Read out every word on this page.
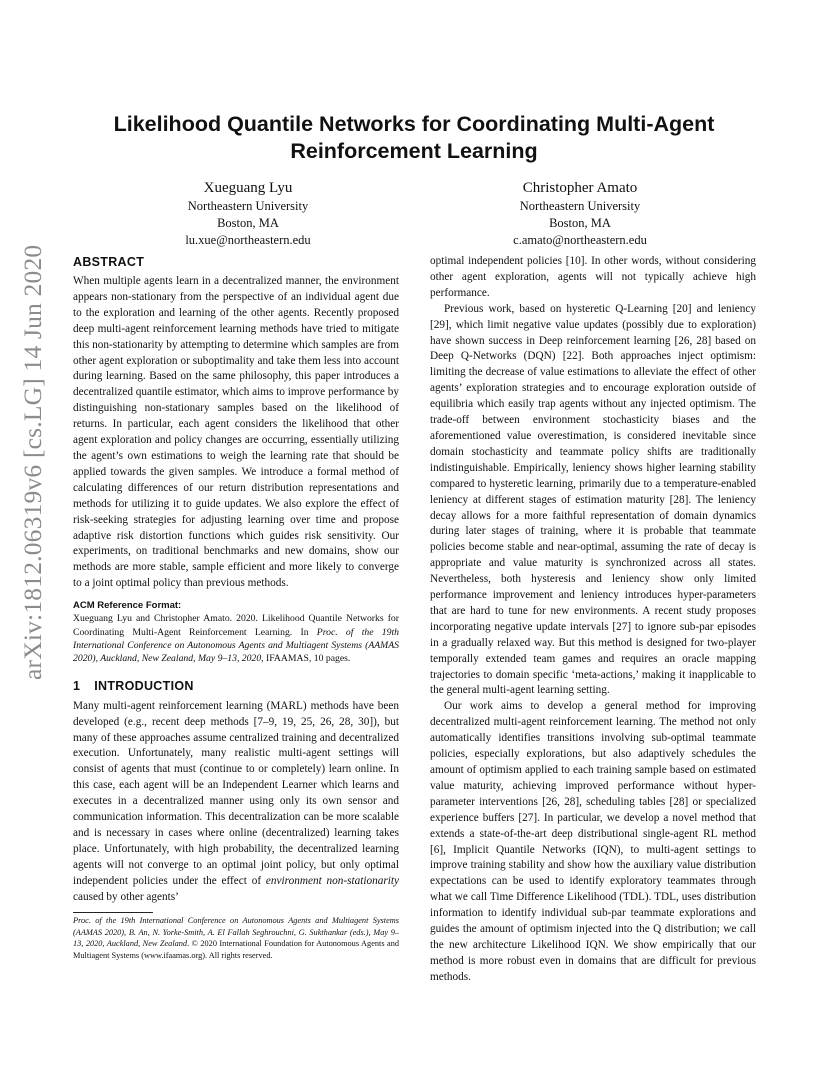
arXiv:1812.06319v6 [cs.LG] 14 Jun 2020
Likelihood Quantile Networks for Coordinating Multi-Agent Reinforcement Learning
Xueguang Lyu
Northeastern University
Boston, MA
lu.xue@northeastern.edu
Christopher Amato
Northeastern University
Boston, MA
c.amato@northeastern.edu
ABSTRACT

When multiple agents learn in a decentralized manner, the environment appears non-stationary from the perspective of an individual agent due to the exploration and learning of the other agents. Recently proposed deep multi-agent reinforcement learning methods have tried to mitigate this non-stationarity by attempting to determine which samples are from other agent exploration or suboptimality and take them less into account during learning. Based on the same philosophy, this paper introduces a decentralized quantile estimator, which aims to improve performance by distinguishing non-stationary samples based on the likelihood of returns. In particular, each agent considers the likelihood that other agent exploration and policy changes are occurring, essentially utilizing the agent’s own estimations to weigh the learning rate that should be applied towards the given samples. We introduce a formal method of calculating differences of our return distribution representations and methods for utilizing it to guide updates. We also explore the effect of risk-seeking strategies for adjusting learning over time and propose adaptive risk distortion functions which guides risk sensitivity. Our experiments, on traditional benchmarks and new domains, show our methods are more stable, sample efficient and more likely to converge to a joint optimal policy than previous methods.

ACM Reference Format:
Xueguang Lyu and Christopher Amato. 2020. Likelihood Quantile Networks for Coordinating Multi-Agent Reinforcement Learning. In Proc. of the 19th International Conference on Autonomous Agents and Multiagent Systems (AAMAS 2020), Auckland, New Zealand, May 9–13, 2020, IFAAMAS, 10 pages.
1 INTRODUCTION

Many multi-agent reinforcement learning (MARL) methods have been developed (e.g., recent deep methods [7–9, 19, 25, 26, 28, 30]), but many of these approaches assume centralized training and decentralized execution. Unfortunately, many realistic multi-agent settings will consist of agents that must (continue to or completely) learn online. In this case, each agent will be an Independent Learner which learns and executes in a decentralized manner using only its own sensor and communication information. This decentralization can be more scalable and is necessary in cases where online (decentralized) learning takes place. Unfortunately, with high probability, the decentralized learning agents will not converge to an optimal joint policy, but only optimal independent policies under the effect of environment non-stationarity caused by other agents’

Proc. of the 19th International Conference on Autonomous Agents and Multiagent Systems (AAMAS 2020), B. An, N. Yorke-Smith, A. El Fallah Seghrouchni, G. Sukthankar (eds.), May 9–13, 2020, Auckland, New Zealand. © 2020 International Foundation for Autonomous Agents and Multiagent Systems (www.ifaamas.org). All rights reserved.

optimal independent policies [10]. In other words, without considering other agent exploration, agents will not typically achieve high performance.

Previous work, based on hysteretic Q-Learning [20] and leniency [29], which limit negative value updates (possibly due to exploration) have shown success in Deep reinforcement learning [26, 28] based on Deep Q-Networks (DQN) [22]. Both approaches inject optimism: limiting the decrease of value estimations to alleviate the effect of other agents’ exploration strategies and to encourage exploration outside of equilibria which easily trap agents without any injected optimism. The trade-off between environment stochasticity biases and the aforementioned value overestimation, is considered inevitable since domain stochasticity and teammate policy shifts are traditionally indistinguishable. Empirically, leniency shows higher learning stability compared to hysteretic learning, primarily due to a temperature-enabled leniency at different stages of estimation maturity [28]. The leniency decay allows for a more faithful representation of domain dynamics during later stages of training, where it is probable that teammate policies become stable and near-optimal, assuming the rate of decay is appropriate and value maturity is synchronized across all states. Nevertheless, both hysteresis and leniency show only limited performance improvement and leniency introduces hyper-parameters that are hard to tune for new environments. A recent study proposes incorporating negative update intervals [27] to ignore sub-par episodes in a gradually relaxed way. But this method is designed for two-player temporally extended team games and requires an oracle mapping trajectories to domain specific ‘meta-actions,’ making it inapplicable to the general multi-agent learning setting.

Our work aims to develop a general method for improving decentralized multi-agent reinforcement learning. The method not only automatically identifies transitions involving sub-optimal teammate policies, especially explorations, but also adaptively schedules the amount of optimism applied to each training sample based on estimated value maturity, achieving improved performance without hyper-parameter interventions [26, 28], scheduling tables [28] or specialized experience buffers [27]. In particular, we develop a novel method that extends a state-of-the-art deep distributional single-agent RL method [6], Implicit Quantile Networks (IQN), to multi-agent settings to improve training stability and show how the auxiliary value distribution expectations can be used to identify exploratory teammates through what we call Time Difference Likelihood (TDL). TDL, uses distribution information to identify individual sub-par teammate explorations and guides the amount of optimism injected into the Q distribution; we call the new architecture Likelihood IQN. We show empirically that our method is more robust even in domains that are difficult for previous methods.
